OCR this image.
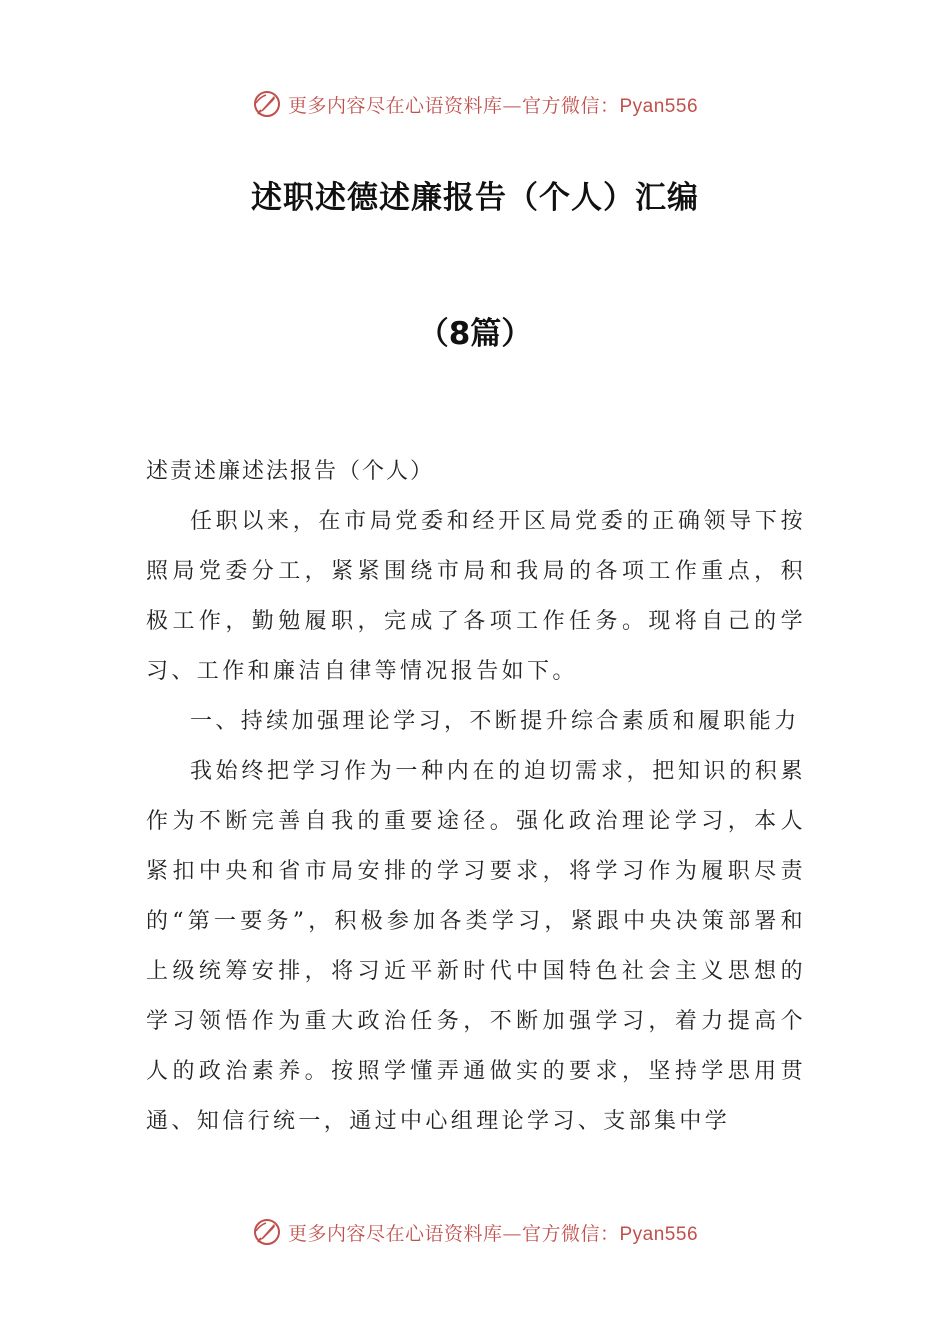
更多内容尽在心语资料库—官方微信：Pyan556
述职述德述廉报告（个人）汇编
（8篇）

述责述廉述法报告（个人）

任职以来，在市局党委和经开区局党委的正确领导下按照局党委分工，紧紧围绕市局和我局的各项工作重点，积极工作，勤勉履职，完成了各项工作任务。现将自己的学习、工作和廉洁自律等情况报告如下。

一、持续加强理论学习，不断提升综合素质和履职能力

我始终把学习作为一种内在的迫切需求，把知识的积累作为不断完善自我的重要途径。强化政治理论学习，本人紧扣中央和省市局安排的学习要求，将学习作为履职尽责的“第一要务”，积极参加各类学习，紧跟中央决策部署和上级统筹安排，将习近平新时代中国特色社会主义思想的学习领悟作为重大政治任务，不断加强学习，着力提高个人的政治素养。按照学懂弄通做实的要求，坚持学思用贯通、知信行统一，通过中心组理论学习、支部集中学

更多内容尽在心语资料库—官方微信：Pyan556
